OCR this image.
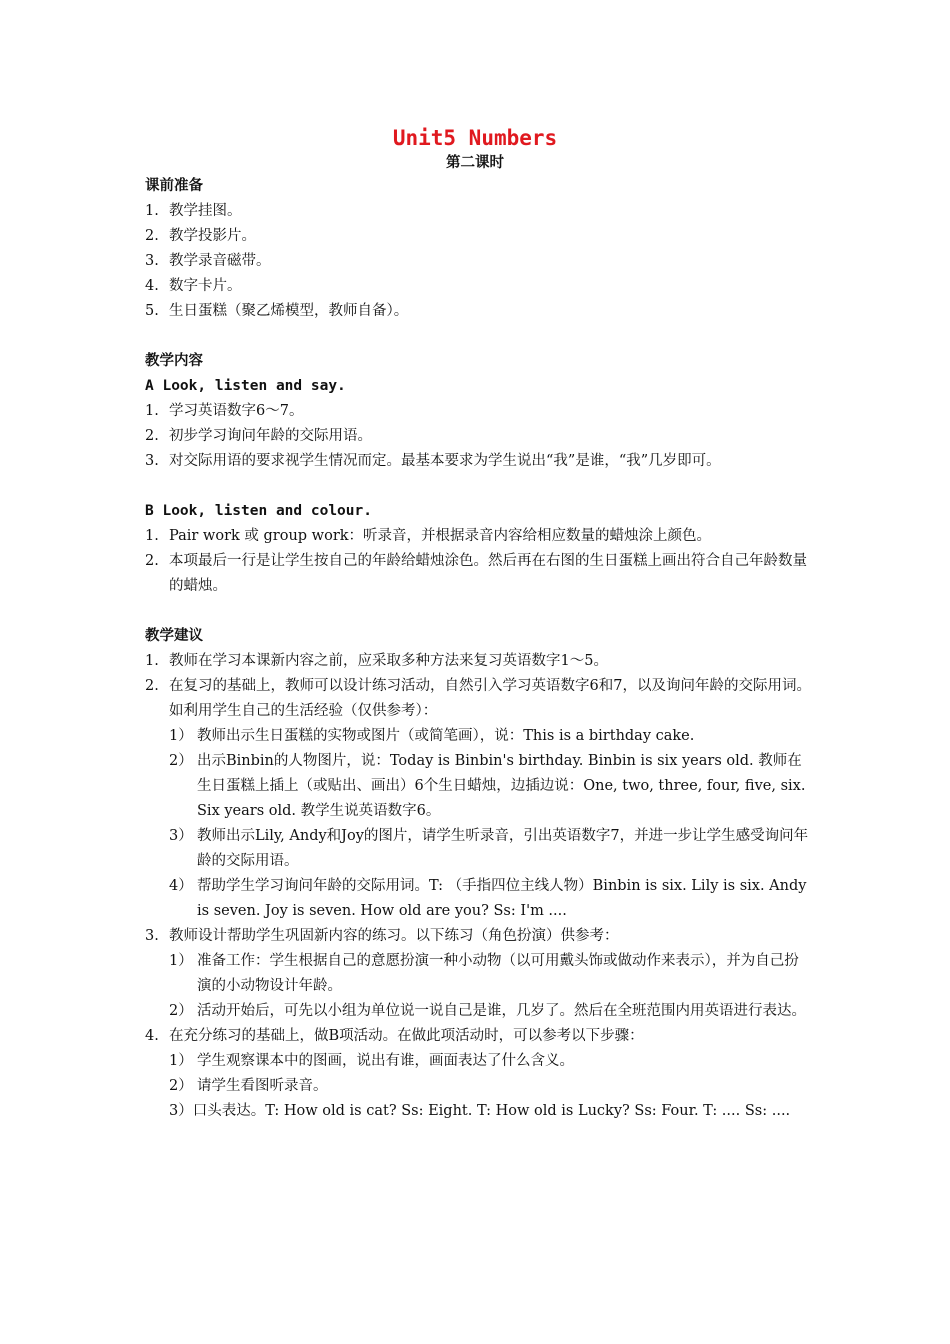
Unit5 Numbers
第二课时
课前准备
1. 教学挂图。
2. 教学投影片。
3. 教学录音磁带。
4. 数字卡片。
5. 生日蛋糕（聚乙烯模型，教师自备）。
教学内容
A Look, listen and say.
1. 学习英语数字6～7。
2. 初步学习询问年龄的交际用语。
3. 对交际用语的要求视学生情况而定。最基本要求为学生说出“我”是谁，“我”几岁即可。
B Look, listen and colour.
1. Pair work 或 group work：听录音，并根据录音内容给相应数量的蜡烛涂上颜色。
2. 本项最后一行是让学生按自己的年龄给蜡烛涂色。然后再在右图的生日蛋糕上画出符合自己年龄数量的蜡烛。
教学建议
1. 教师在学习本课新内容之前，应采取多种方法来复习英语数字1～5。
2. 在复习的基础上，教师可以设计练习活动，自然引入学习英语数字6和7，以及询问年龄的交际用词。如利用学生自己的生活经验（仅供参考）：
1） 教师出示生日蛋糕的实物或图片（或简笔画），说：This is a birthday cake.
2） 出示Binbin的人物图片，说：Today is Binbin's birthday. Binbin is six years old. 教师在生日蛋糕上插上（或贴出、画出）6个生日蜡烛，边插边说：One, two, three, four, five, six. Six years old. 教学生说英语数字6。
3） 教师出示Lily, Andy和Joy的图片，请学生听录音，引出英语数字7，并进一步让学生感受询问年龄的交际用语。
4） 帮助学生学习询问年龄的交际用词。T: （手指四位主线人物）Binbin is six. Lily is six. Andy is seven. Joy is seven. How old are you? Ss: I'm ....
3. 教师设计帮助学生巩固新内容的练习。以下练习（角色扮演）供参考：
1） 准备工作：学生根据自己的意愿扮演一种小动物（以可用戴头饰或做动作来表示），并为自己扮演的小动物设计年龄。
2） 活动开始后，可先以小组为单位说一说自己是谁，几岁了。然后在全班范围内用英语进行表达。
4. 在充分练习的基础上，做B项活动。在做此项活动时，可以参考以下步骤：
1） 学生观察课本中的图画，说出有谁，画面表达了什么含义。
2） 请学生看图听录音。
3）口头表达。T: How old is cat? Ss: Eight. T: How old is Lucky? Ss: Four. T: .... Ss: ....
